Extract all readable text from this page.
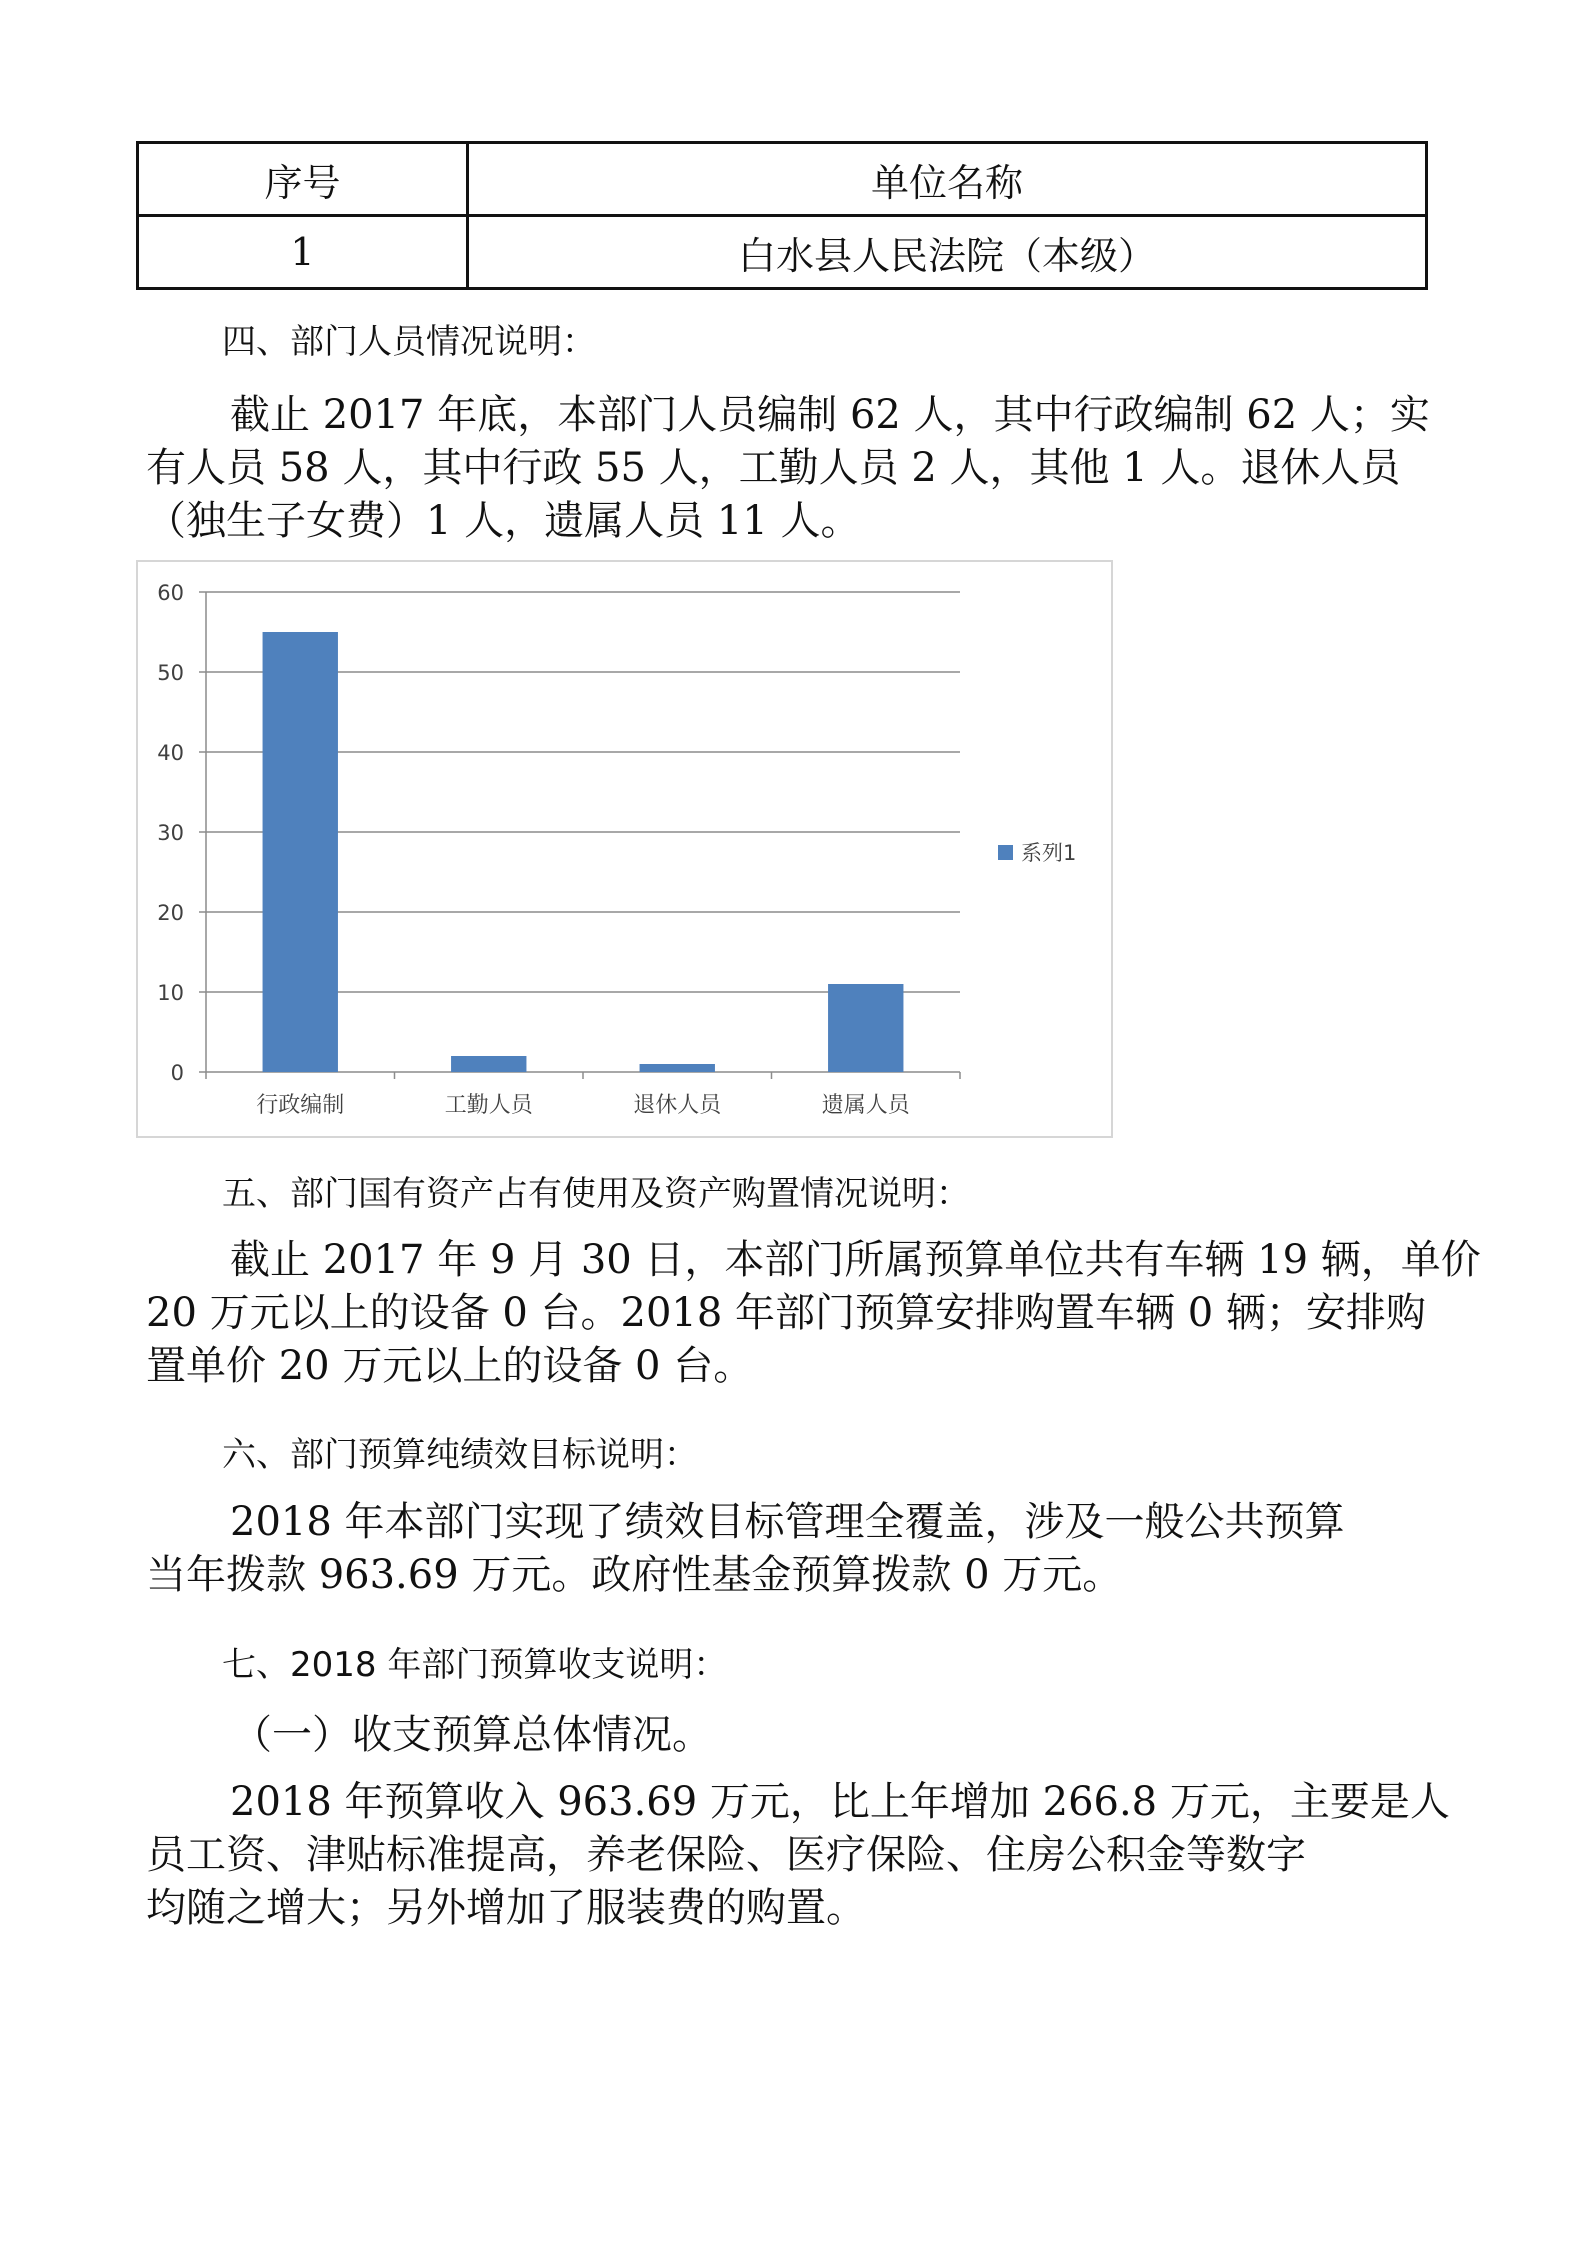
序号	单位名称
1	白水县人民法院（本级）
四、部门人员情况说明：
截止 2017 年底，本部门人员编制 62 人，其中行政编制 62 人；实
有人员 58 人，其中行政 55 人，工勤人员 2 人，其他 1 人。退休人员
（独生子女费）1 人，遗属人员 11 人。
0
10
20
30
40
50
60
行政编制	工勤人员	退休人员	遗属人员
系列1
五、部门国有资产占有使用及资产购置情况说明：
截止 2017 年 9 月 30 日，本部门所属预算单位共有车辆 19 辆，单价
20 万元以上的设备 0 台。2018 年部门预算安排购置车辆 0 辆；安排购
置单价 20 万元以上的设备 0 台。
六、部门预算纯绩效目标说明：
2018 年本部门实现了绩效目标管理全覆盖，涉及一般公共预算
当年拨款 963.69 万元。政府性基金预算拨款 0 万元。
七、2018 年部门预算收支说明：
（一）收支预算总体情况。
2018 年预算收入 963.69 万元，比上年增加 266.8 万元，主要是人
员工资、津贴标准提高，养老保险、医疗保险、住房公积金等数字
均随之增大；另外增加了服装费的购置。
